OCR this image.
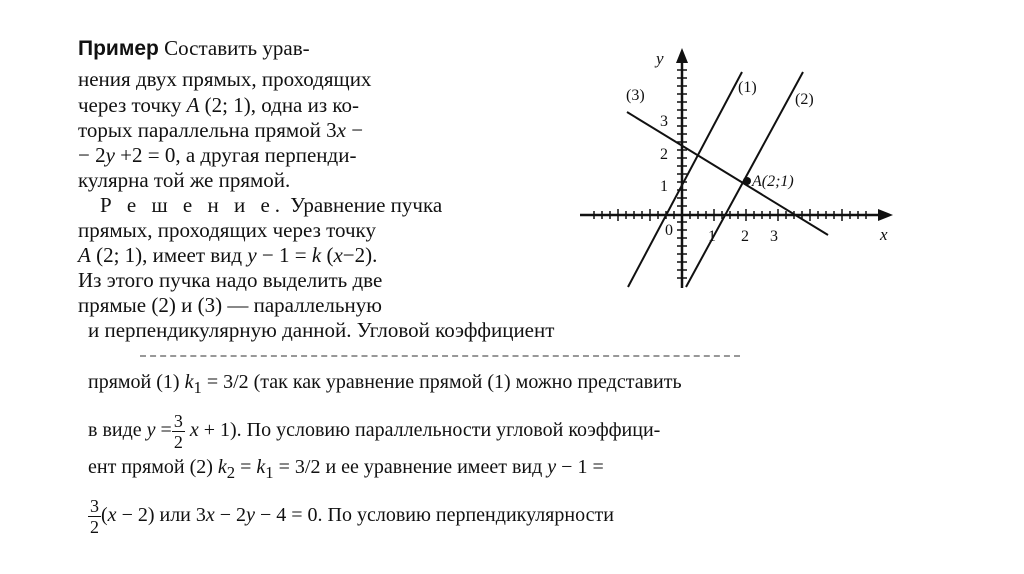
Пример Составить урав-
нения двух прямых, проходящих
через точку A (2; 1), одна из ко-
торых параллельна прямой 3x −
− 2y +2 = 0, а другая перпенди-
кулярна той же прямой.
Р е ш е н и е. Уравнение пучка
прямых, проходящих через точку
A (2; 1), имеет вид y − 1 = k (x−2).
Из этого пучка надо выделить две
прямые (2) и (3) — параллельную
и перпендикулярную данной. Угловой коэффициент
прямой (1) $k_1 = 3/2$ (так как уравнение прямой (1) можно представить
в виде $y = \frac{3}{2}$ x + 1). По условию параллельности угловой коэффици-
ент прямой (2) $k_2 = k_1 = 3/2$ и ее уравнение имеет вид y − 1 =
$\frac{3}{2} (x - 2)$ или 3x − 2y − 4 = 0. По условию перпендикулярности
(1)
(2)
(3)
A(2;1)
y
x
0 1 2 3
1
2
3
